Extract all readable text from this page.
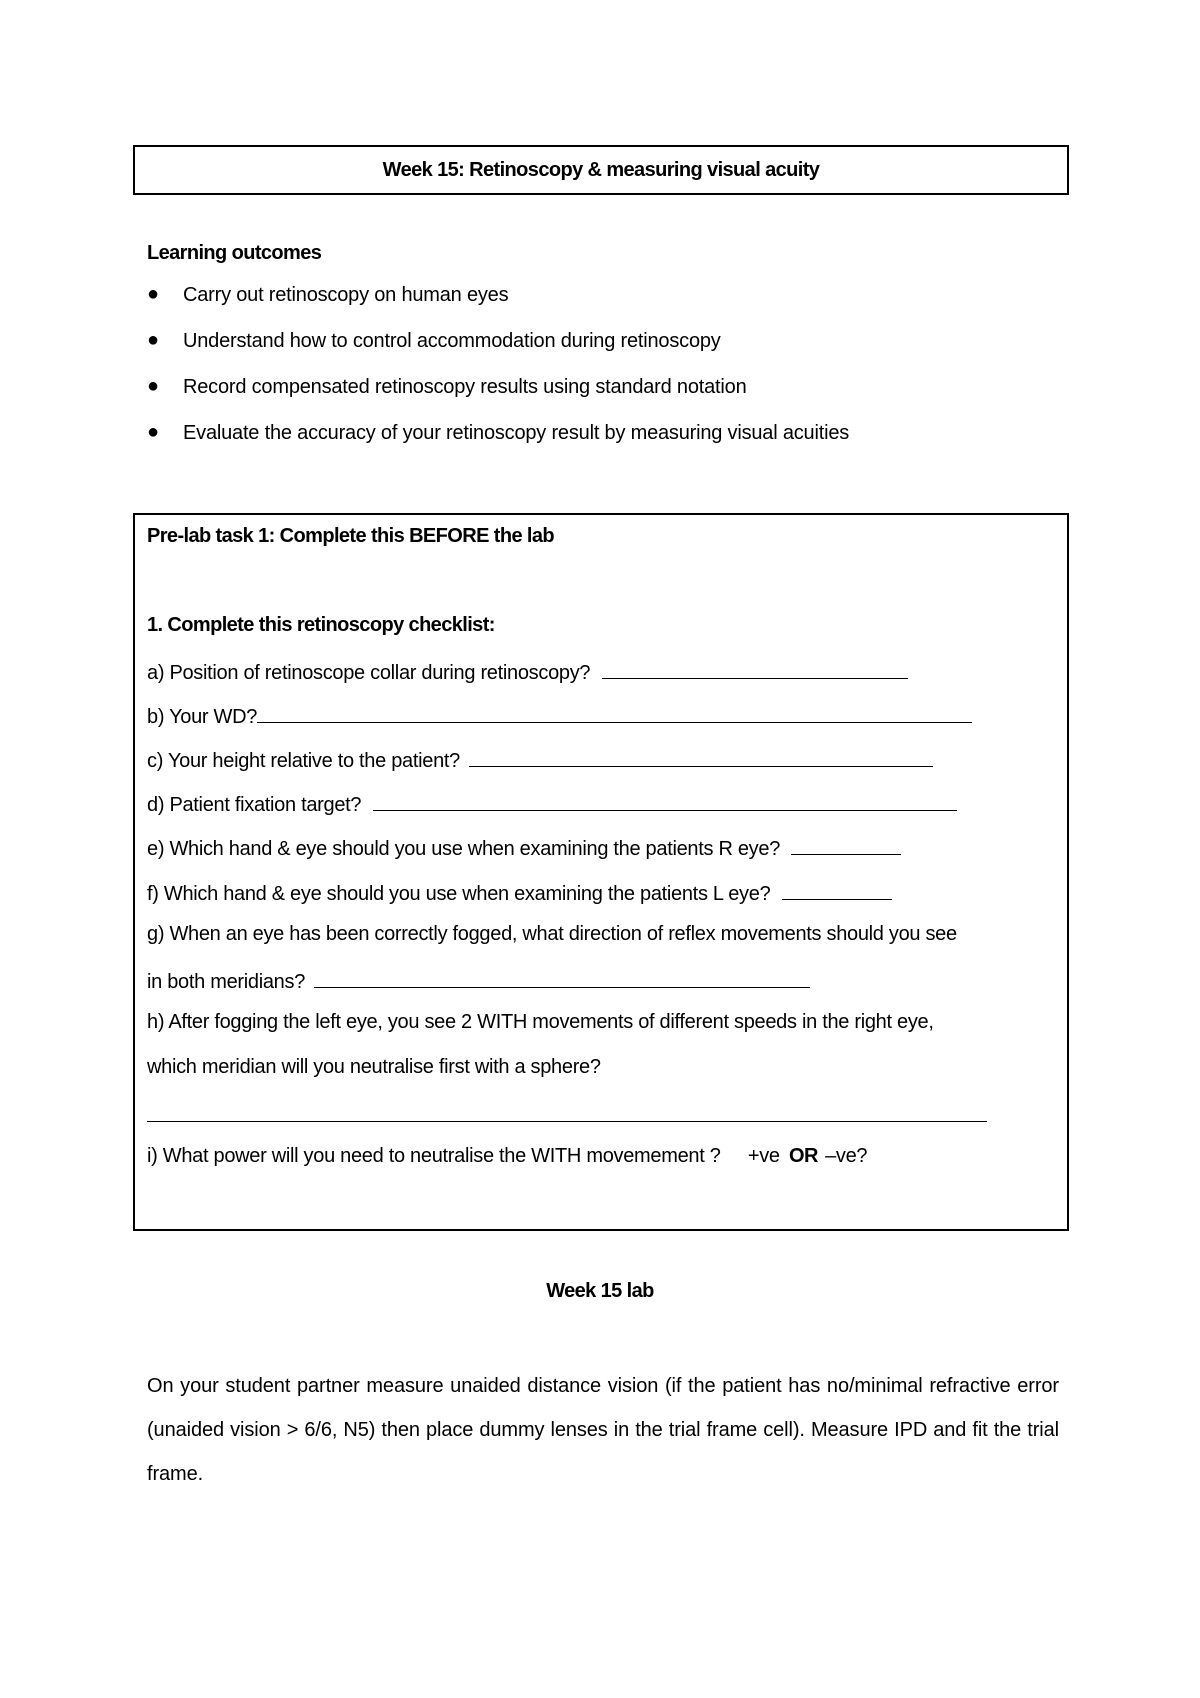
Week 15: Retinoscopy & measuring visual acuity
Learning outcomes
●	Carry out retinoscopy on human eyes
●	Understand how to control accommodation during retinoscopy
●	Record compensated retinoscopy results using standard notation
●	Evaluate the accuracy of your retinoscopy result by measuring visual acuities
Pre-lab task 1: Complete this BEFORE the lab
1. Complete this retinoscopy checklist:
a) Position of retinoscope collar during retinoscopy?
b) Your WD?
c) Your height relative to the patient?
d) Patient fixation target?
e) Which hand & eye should you use when examining the patients R eye?
f) Which hand & eye should you use when examining the patients L eye?
g) When an eye has been correctly fogged, what direction of reflex movements should you see
in both meridians?
h) After fogging the left eye, you see 2 WITH movements of different speeds in the right eye,
which meridian will you neutralise first with a sphere?
i) What power will you need to neutralise the WITH movemement ? +ve OR –ve?
Week 15 lab
On your student partner measure unaided distance vision (if the patient has no/minimal refractive error (unaided vision > 6/6, N5) then place dummy lenses in the trial frame cell). Measure IPD and fit the trial frame.
